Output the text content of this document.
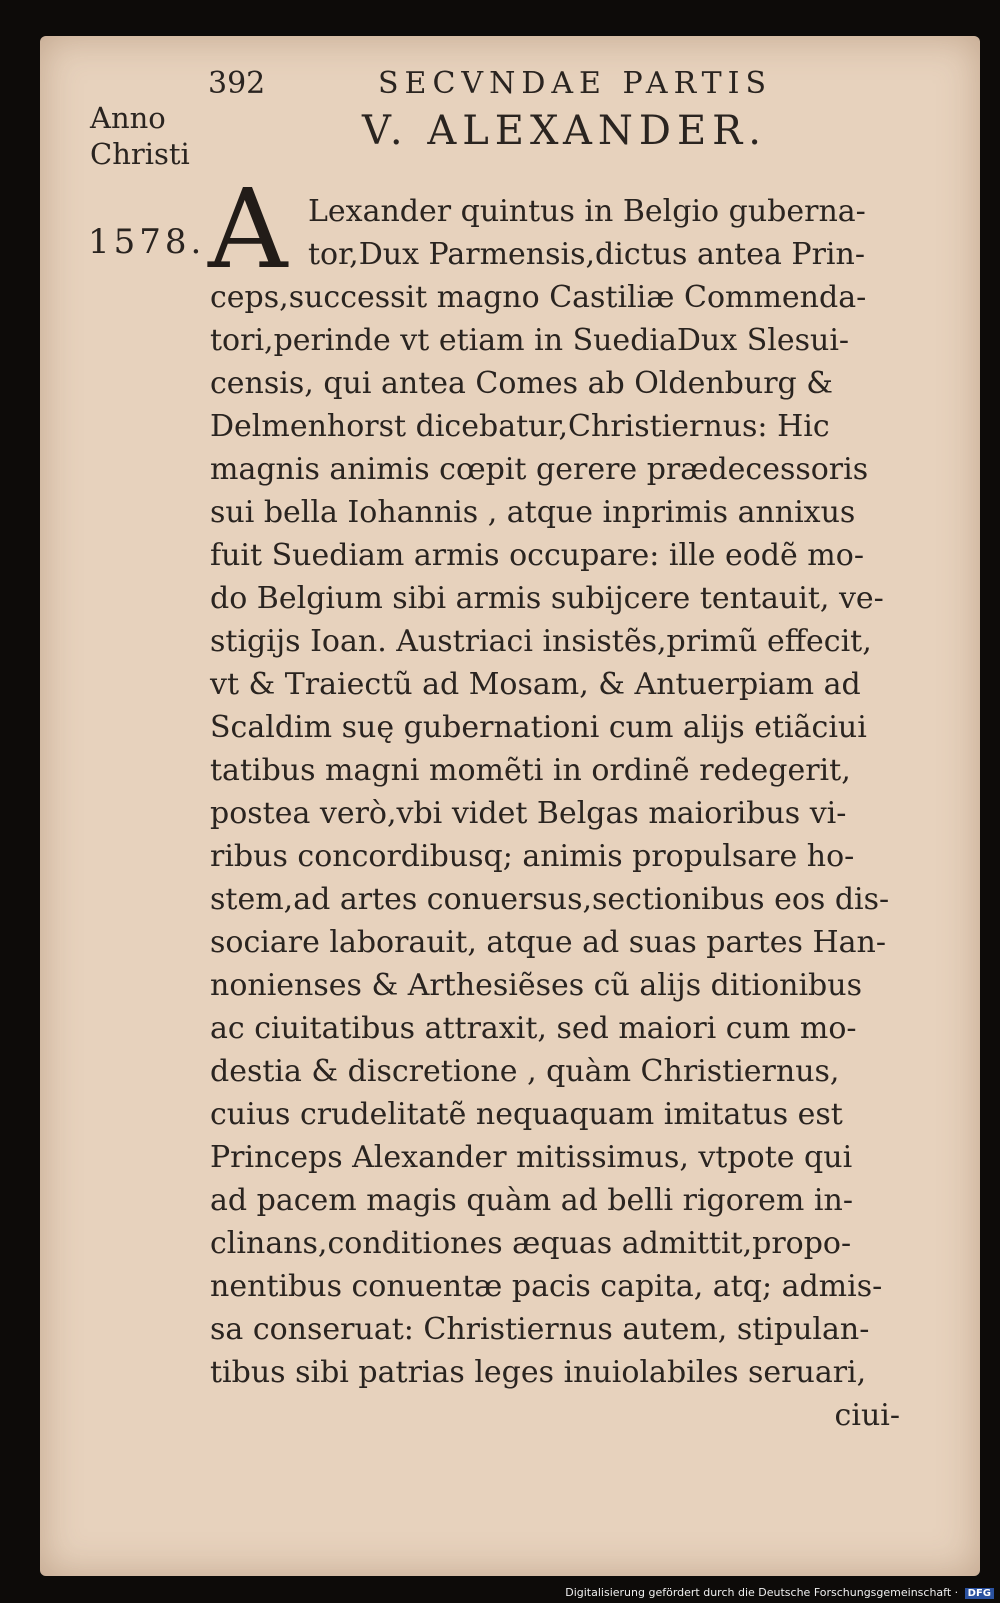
Anno
Christi
1578.
392	SECVNDAE PARTIS
V. ALEXANDER.
A Lexander quintus in Belgio guberna-
tor,Dux Parmensis,dictus antea Prin-
ceps,successit magno Castiliæ Commenda-
tori,perinde vt etiam in SuediaDux Slesui-
censis, qui antea Comes ab Oldenburg &
Delmenhorst dicebatur,Christiernus: Hic
magnis animis cœpit gerere prædecessoris
sui bella Iohannis , atque inprimis annixus
fuit Suediam armis occupare: ille eodẽ mo-
do Belgium sibi armis subijcere tentauit, ve-
stigijs Ioan. Austriaci insistẽs,primũ effecit,
vt & Traiectũ ad Mosam, & Antuerpiam ad
Scaldim suę gubernationi cum alijs etiãciui
tatibus magni momẽti in ordinẽ redegerit,
postea verò,vbi videt Belgas maioribus vi-
ribus concordibusq; animis propulsare ho-
stem,ad artes conuersus,sectionibus eos dis-
sociare laborauit, atque ad suas partes Han-
nonienses & Arthesiẽses cũ alijs ditionibus
ac ciuitatibus attraxit, sed maiori cum mo-
destia & discretione , quàm Christiernus,
cuius crudelitatẽ nequaquam imitatus est
Princeps Alexander mitissimus, vtpote qui
ad pacem magis quàm ad belli rigorem in-
clinans,conditiones æquas admittit,propo-
nentibus conuentæ pacis capita, atq; admis-
sa conseruat: Christiernus autem, stipulan-
tibus sibi patrias leges inuiolabiles seruari,
ciui-
Digitalisierung gefördert durch die Deutsche Forschungsgemeinschaft · DFG
